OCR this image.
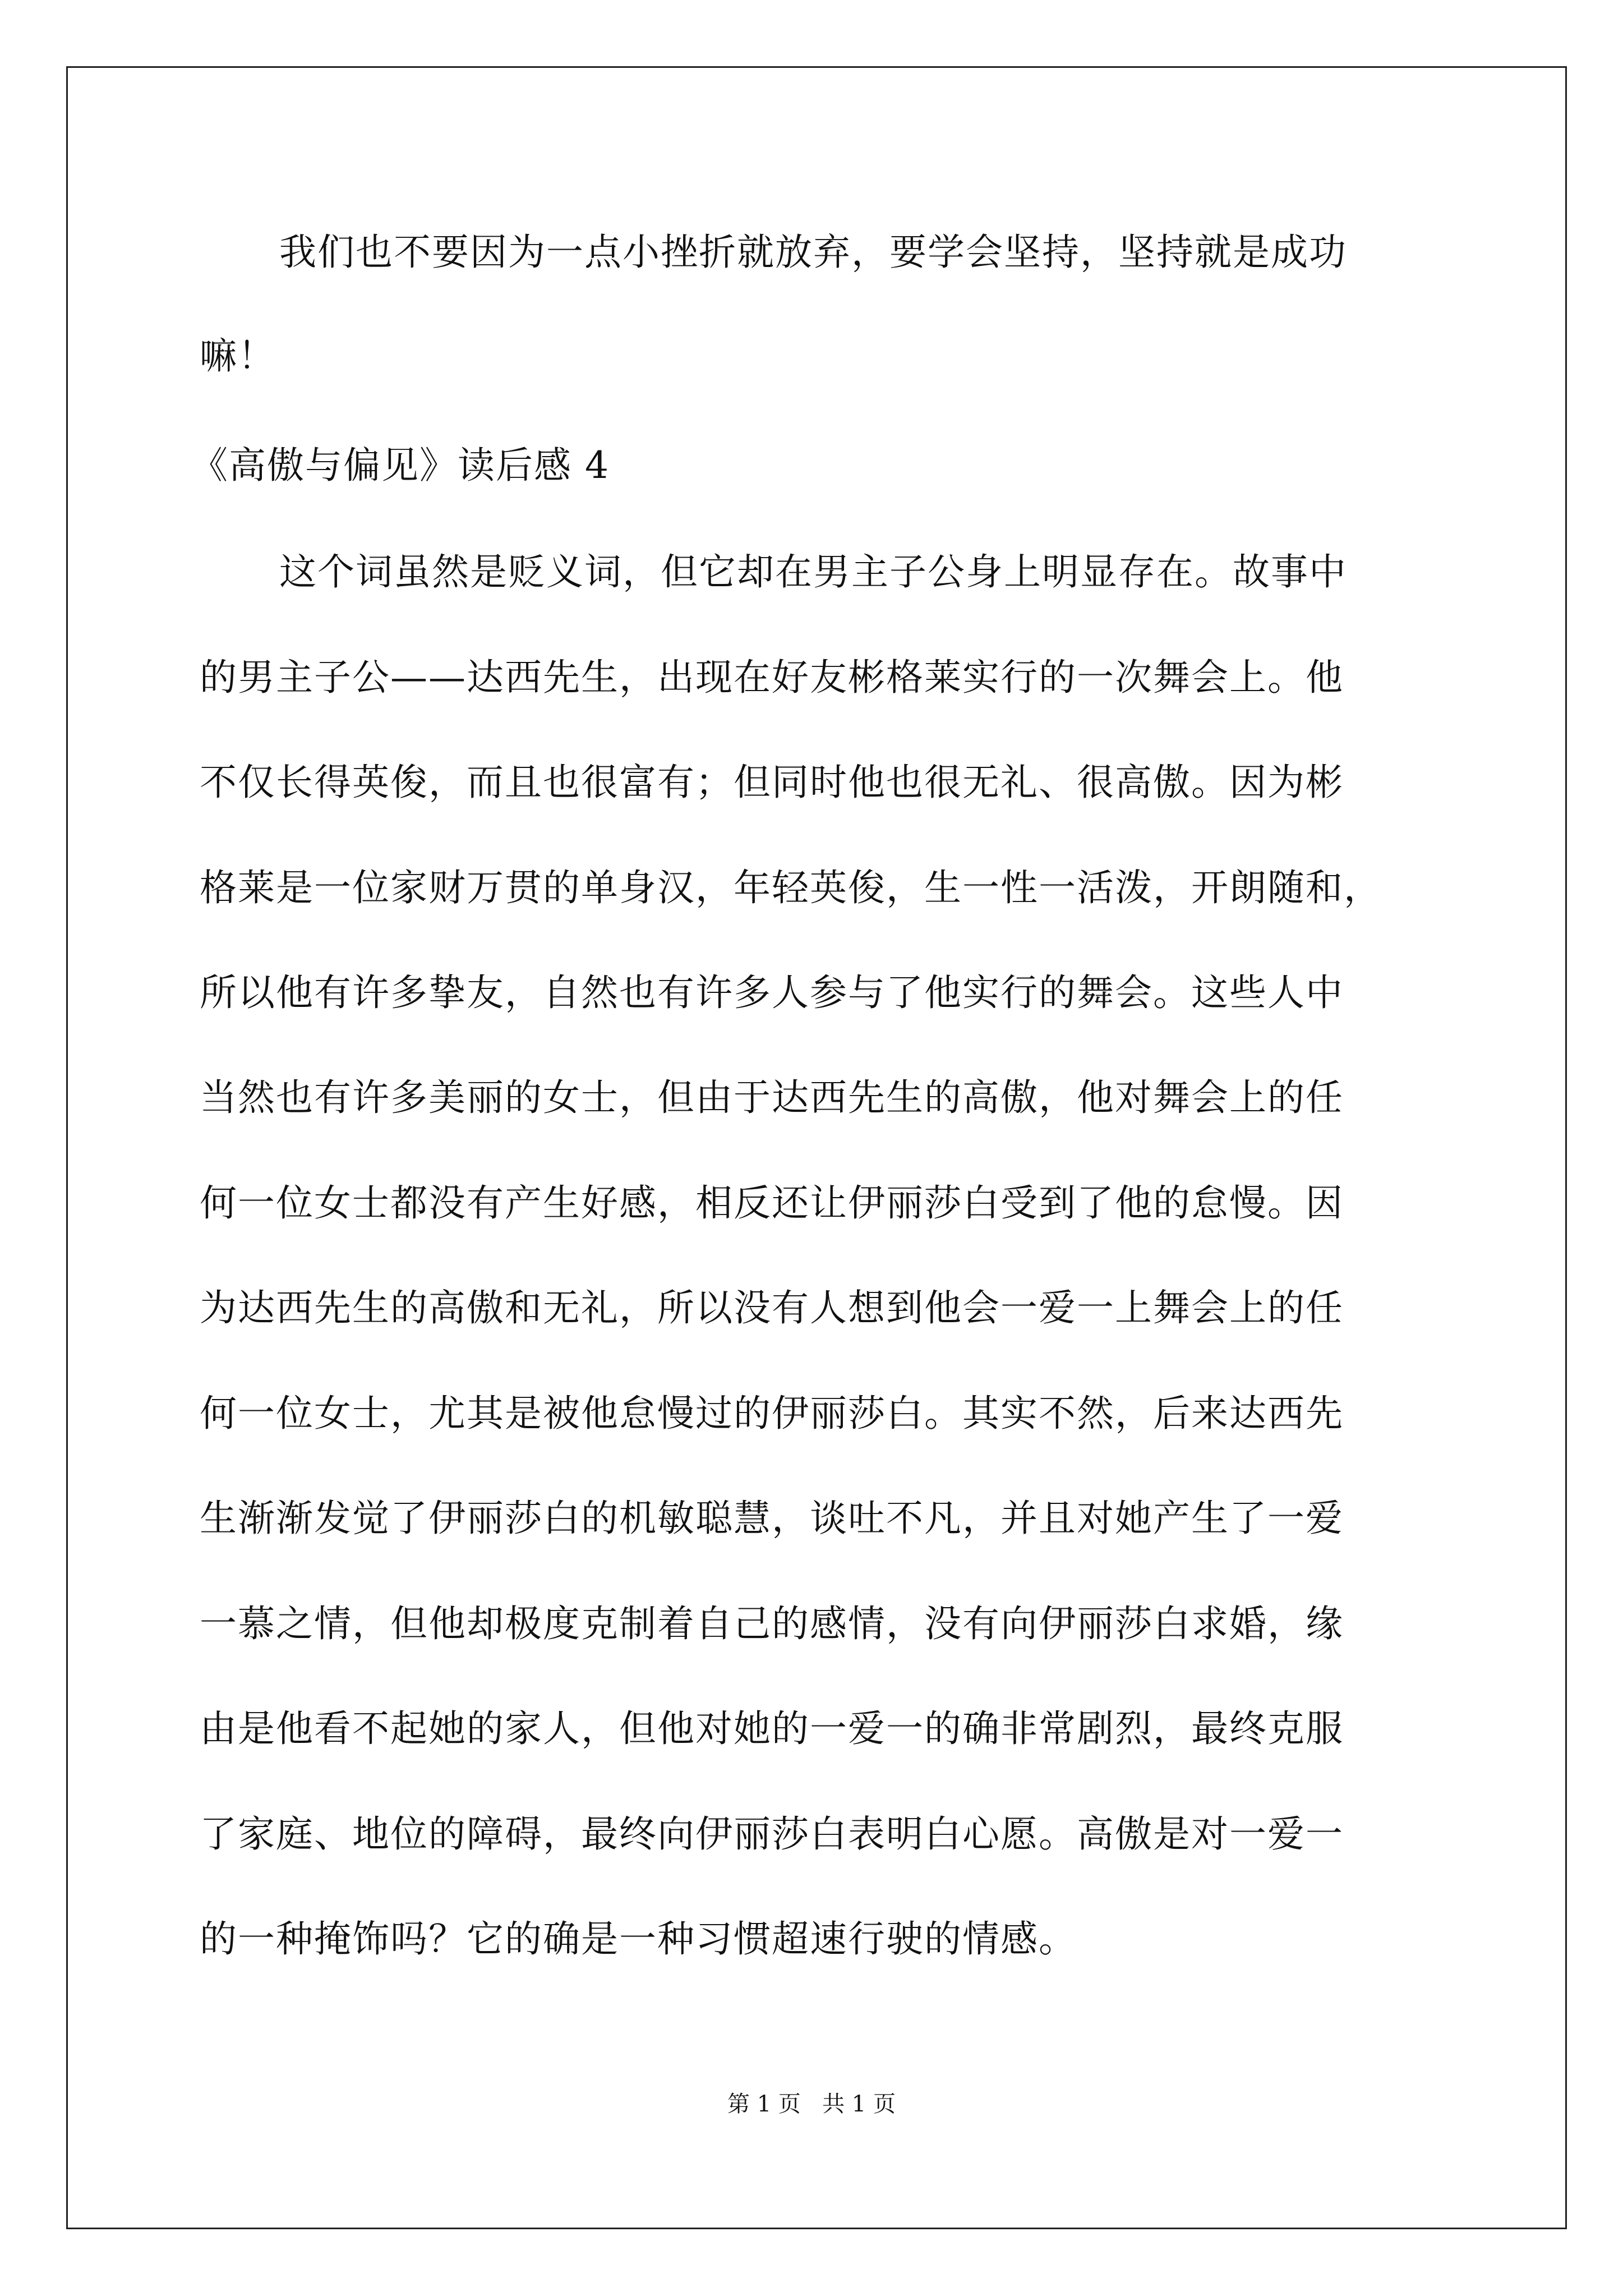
我们也不要因为一点小挫折就放弃，要学会坚持，坚持就是成功
嘛！
《高傲与偏见》读后感 4
这个词虽然是贬义词，但它却在男主子公身上明显存在。故事中
的男主子公——达西先生，出现在好友彬格莱实行的一次舞会上。他
不仅长得英俊，而且也很富有；但同时他也很无礼、很高傲。因为彬
格莱是一位家财万贯的单身汉，年轻英俊，生一性一活泼，开朗随和，
所以他有许多挚友，自然也有许多人参与了他实行的舞会。这些人中
当然也有许多美丽的女士，但由于达西先生的高傲，他对舞会上的任
何一位女士都没有产生好感，相反还让伊丽莎白受到了他的怠慢。因
为达西先生的高傲和无礼，所以没有人想到他会一爱一上舞会上的任
何一位女士，尤其是被他怠慢过的伊丽莎白。其实不然，后来达西先
生渐渐发觉了伊丽莎白的机敏聪慧，谈吐不凡，并且对她产生了一爱
一慕之情，但他却极度克制着自己的感情，没有向伊丽莎白求婚，缘
由是他看不起她的家人，但他对她的一爱一的确非常剧烈，最终克服
了家庭、地位的障碍，最终向伊丽莎白表明白心愿。高傲是对一爱一
的一种掩饰吗？它的确是一种习惯超速行驶的情感。
第 1 页   共 1 页
